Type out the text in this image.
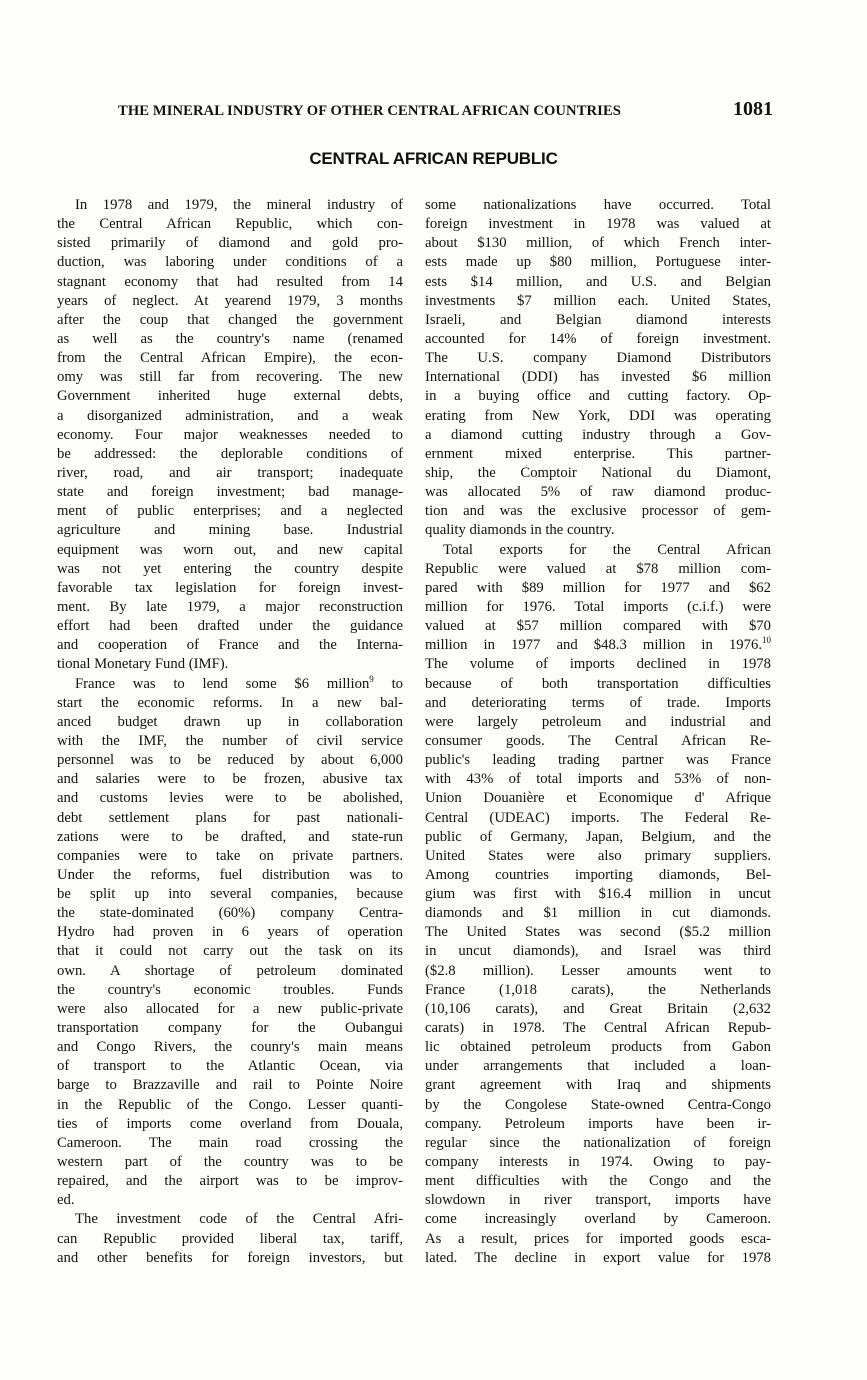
THE MINERAL INDUSTRY OF OTHER CENTRAL AFRICAN COUNTRIES	1081
CENTRAL AFRICAN REPUBLIC
In 1978 and 1979, the mineral industry of
the Central African Republic, which con-
sisted primarily of diamond and gold pro-
duction, was laboring under conditions of a
stagnant economy that had resulted from 14
years of neglect. At yearend 1979, 3 months
after the coup that changed the government
as well as the country's name (renamed
from the Central African Empire), the econ-
omy was still far from recovering. The new
Government inherited huge external debts,
a disorganized administration, and a weak
economy. Four major weaknesses needed to
be addressed: the deplorable conditions of
river, road, and air transport; inadequate
state and foreign investment; bad manage-
ment of public enterprises; and a neglected
agriculture and mining base. Industrial
equipment was worn out, and new capital
was not yet entering the country despite
favorable tax legislation for foreign invest-
ment. By late 1979, a major reconstruction
effort had been drafted under the guidance
and cooperation of France and the Interna-
tional Monetary Fund (IMF).
France was to lend some $6 million$^9$ to
start the economic reforms. In a new bal-
anced budget drawn up in collaboration
with the IMF, the number of civil service
personnel was to be reduced by about 6,000
and salaries were to be frozen, abusive tax
and customs levies were to be abolished,
debt settlement plans for past nationali-
zations were to be drafted, and state-run
companies were to take on private partners.
Under the reforms, fuel distribution was to
be split up into several companies, because
the state-dominated (60%) company Centra-
Hydro had proven in 6 years of operation
that it could not carry out the task on its
own. A shortage of petroleum dominated
the country's economic troubles. Funds
were also allocated for a new public-private
transportation company for the Oubangui
and Congo Rivers, the counry's main means
of transport to the Atlantic Ocean, via
barge to Brazzaville and rail to Pointe Noire
in the Republic of the Congo. Lesser quanti-
ties of imports come overland from Douala,
Cameroon. The main road crossing the
western part of the country was to be
repaired, and the airport was to be improv-
ed.
The investment code of the Central Afri-
can Republic provided liberal tax, tariff,
and other benefits for foreign investors, but
some nationalizations have occurred. Total
foreign investment in 1978 was valued at
about $130 million, of which French inter-
ests made up $80 million, Portuguese inter-
ests $14 million, and U.S. and Belgian
investments $7 million each. United States,
Israeli, and Belgian diamond interests
accounted for 14% of foreign investment.
The U.S. company Diamond Distributors
International (DDI) has invested $6 million
in a buying office and cutting factory. Op-
erating from New York, DDI was operating
a diamond cutting industry through a Gov-
ernment mixed enterprise. This partner-
ship, the Comptoir National du Diamont,
was allocated 5% of raw diamond produc-
tion and was the exclusive processor of gem-
quality diamonds in the country.
Total exports for the Central African
Republic were valued at $78 million com-
pared with $89 million for 1977 and $62
million for 1976. Total imports (c.i.f.) were
valued at $57 million compared with $70
million in 1977 and $48.3 million in 1976.10
The volume of imports declined in 1978
because of both transportation difficulties
and deteriorating terms of trade. Imports
were largely petroleum and industrial and
consumer goods. The Central African Re-
public's leading trading partner was France
with 43% of total imports and 53% of non-
Union Douanière et Economique d' Afrique
Central (UDEAC) imports. The Federal Re-
public of Germany, Japan, Belgium, and the
United States were also primary suppliers.
Among countries importing diamonds, Bel-
gium was first with $16.4 million in uncut
diamonds and $1 million in cut diamonds.
The United States was second ($5.2 million
in uncut diamonds), and Israel was third
($2.8 million). Lesser amounts went to
France (1,018 carats), the Netherlands
(10,106 carats), and Great Britain (2,632
carats) in 1978. The Central African Repub-
lic obtained petroleum products from Gabon
under arrangements that included a loan-
grant agreement with Iraq and shipments
by the Congolese State-owned Centra-Congo
company. Petroleum imports have been ir-
regular since the nationalization of foreign
company interests in 1974. Owing to pay-
ment difficulties with the Congo and the
slowdown in river transport, imports have
come increasingly overland by Cameroon.
As a result, prices for imported goods esca-
lated. The decline in export value for 1978
